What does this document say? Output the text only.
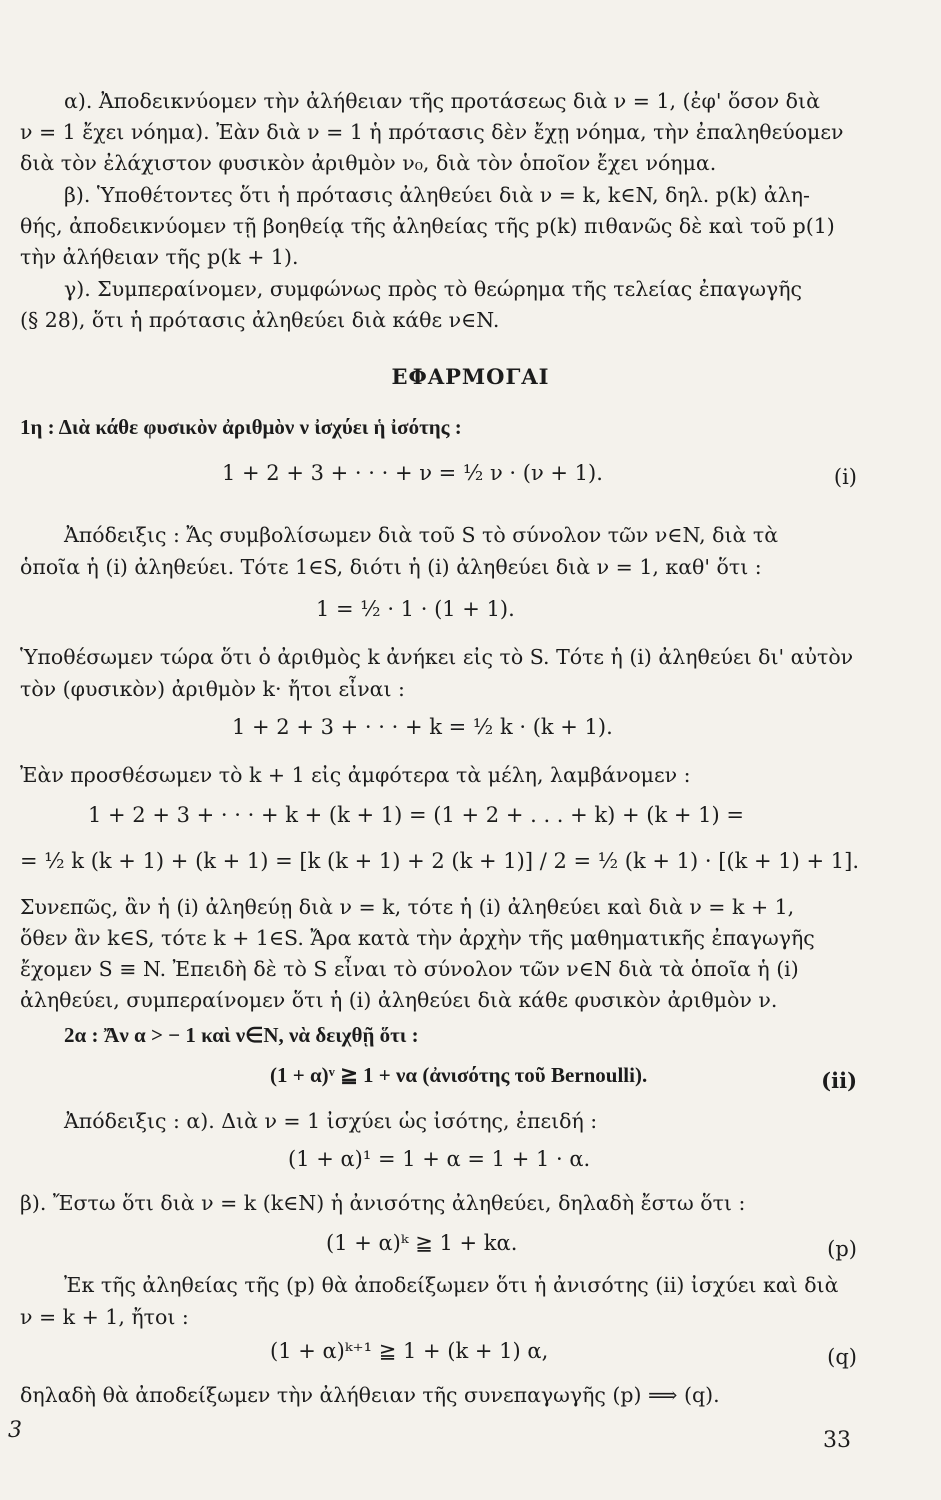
α). Ἀποδεικνύομεν τὴν ἀλήθειαν τῆς προτάσεως διὰ ν = 1, (ἐφ' ὅσον διὰ
ν = 1 ἔχει νόημα). Ἐὰν διὰ ν = 1 ἡ πρότασις δὲν ἔχῃ νόημα, τὴν ἐπαληθεύομεν
διὰ τὸν ἐλάχιστον φυσικὸν ἀριθμὸν ν₀, διὰ τὸν ὁποῖον ἔχει νόημα.
β). Ὑποθέτοντες ὅτι ἡ πρότασις ἀληθεύει διὰ ν = k, k∈N, δηλ. p(k) ἀλη-
θής, ἀποδεικνύομεν τῇ βοηθείᾳ τῆς ἀληθείας τῆς p(k) πιθανῶς δὲ καὶ τοῦ p(1)
τὴν ἀλήθειαν τῆς p(k + 1).
γ). Συμπεραίνομεν, συμφώνως πρὸς τὸ θεώρημα τῆς τελείας ἐπαγωγῆς
(§ 28), ὅτι ἡ πρότασις ἀληθεύει διὰ κάθε ν∈N.
ΕΦΑΡΜΟΓΑΙ
1η : Διὰ κάθε φυσικὸν ἀριθμὸν ν ἰσχύει ἡ ἰσότης :
1 + 2 + 3 + · · · + ν = ½ ν · (ν + 1).	(i)
Ἀπόδειξις : Ἄς συμβολίσωμεν διὰ τοῦ S τὸ σύνολον τῶν ν∈N, διὰ τὰ
ὁποῖα ἡ (i) ἀληθεύει. Τότε 1∈S, διότι ἡ (i) ἀληθεύει διὰ ν = 1, καθ' ὅτι :
1 = ½ · 1 · (1 + 1).
Ὑποθέσωμεν τώρα ὅτι ὁ ἀριθμὸς k ἀνήκει εἰς τὸ S. Τότε ἡ (i) ἀληθεύει δι' αὐτὸν
τὸν (φυσικὸν) ἀριθμὸν k· ἤτοι εἶναι :
1 + 2 + 3 + · · · + k = ½ k · (k + 1).
Ἐὰν προσθέσωμεν τὸ k + 1 εἰς ἀμφότερα τὰ μέλη, λαμβάνομεν :
1 + 2 + 3 + · · · + k + (k + 1) = (1 + 2 + . . . + k) + (k + 1) =
= ½ k (k + 1) + (k + 1) = [k (k + 1) + 2 (k + 1)] / 2 = ½ (k + 1) · [(k + 1) + 1].
Συνεπῶς, ἂν ἡ (i) ἀληθεύῃ διὰ ν = k, τότε ἡ (i) ἀληθεύει καὶ διὰ ν = k + 1,
ὅθεν ἂν k∈S, τότε k + 1∈S. Ἄρα κατὰ τὴν ἀρχὴν τῆς μαθηματικῆς ἐπαγωγῆς
ἔχομεν S ≡ N. Ἐπειδὴ δὲ τὸ S εἶναι τὸ σύνολον τῶν ν∈N διὰ τὰ ὁποῖα ἡ (i)
ἀληθεύει, συμπεραίνομεν ὅτι ἡ (i) ἀληθεύει διὰ κάθε φυσικὸν ἀριθμὸν ν.
2α : Ἄν α > − 1 καὶ ν∈N, νὰ δειχθῇ ὅτι :
(1 + α)ᵛ ≧ 1 + να (ἀνισότης τοῦ Bernoulli).	(ii)
Ἀπόδειξις : α). Διὰ ν = 1 ἰσχύει ὡς ἰσότης, ἐπειδή :
(1 + α)¹ = 1 + α = 1 + 1 · α.
β). Ἔστω ὅτι διὰ ν = k (k∈N) ἡ ἀνισότης ἀληθεύει, δηλαδὴ ἔστω ὅτι :
(1 + α)ᵏ ≧ 1 + kα.	(p)
Ἐκ τῆς ἀληθείας τῆς (p) θὰ ἀποδείξωμεν ὅτι ἡ ἀνισότης (ii) ἰσχύει καὶ διὰ
ν = k + 1, ἤτοι :
(1 + α)ᵏ⁺¹ ≧ 1 + (k + 1) α,	(q)
δηλαδὴ θὰ ἀποδείξωμεν τὴν ἀλήθειαν τῆς συνεπαγωγῆς (p) ⟹ (q).
3	33
